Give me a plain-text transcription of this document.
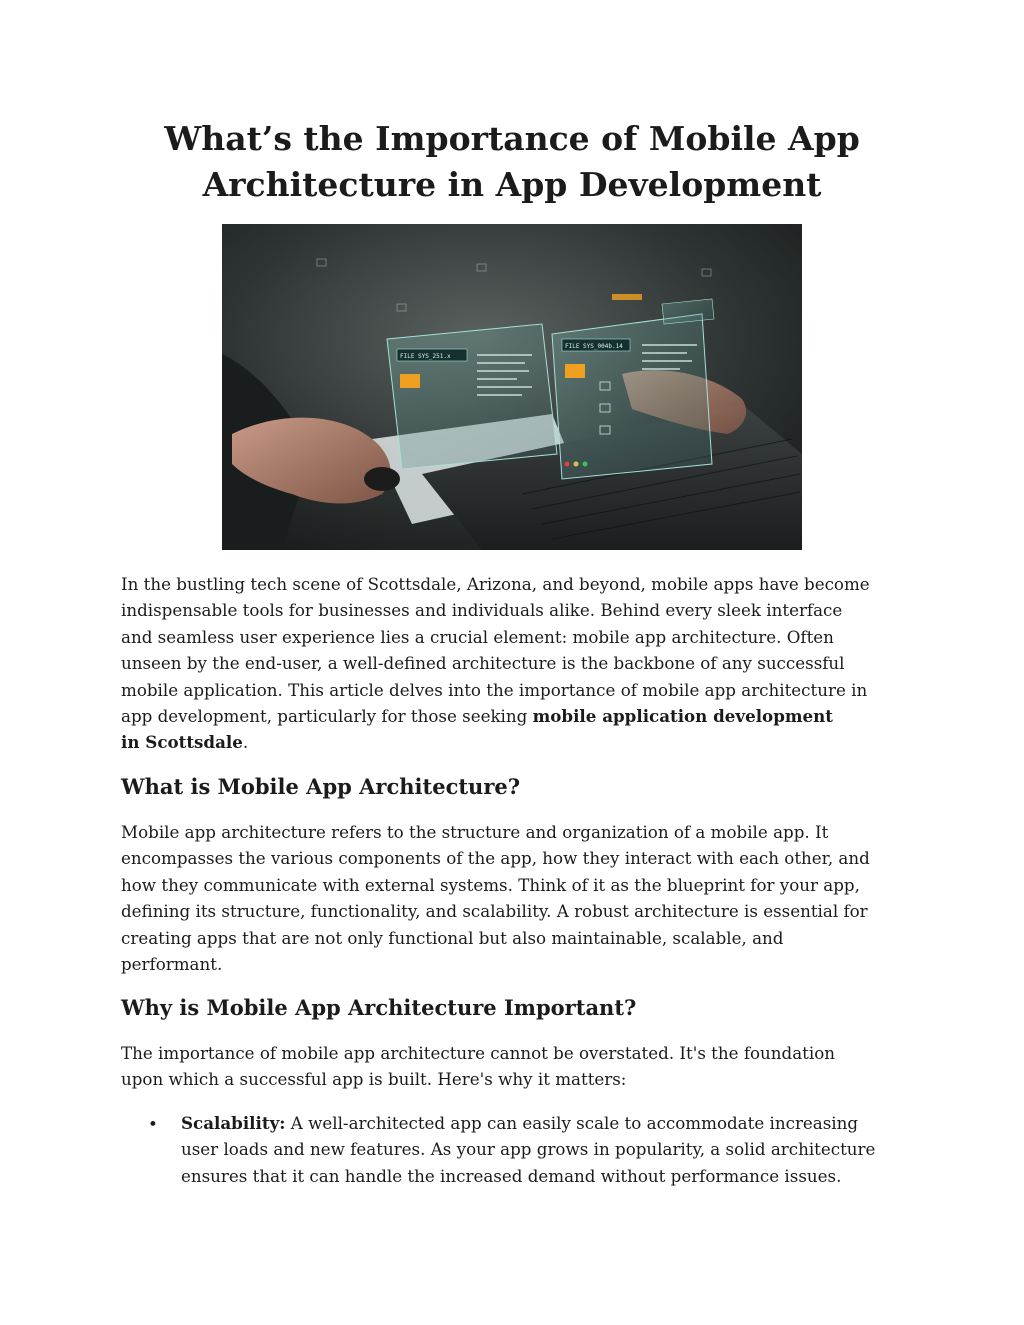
What’s the Importance of Mobile App
Architecture in App Development
FILE SYS_251.x
FILE SYS_004b.14

In the bustling tech scene of Scottsdale, Arizona, and beyond, mobile apps have become
indispensable tools for businesses and individuals alike. Behind every sleek interface
and seamless user experience lies a crucial element: mobile app architecture. Often
unseen by the end-user, a well-defined architecture is the backbone of any successful
mobile application. This article delves into the importance of mobile app architecture in
app development, particularly for those seeking mobile application development
in Scottsdale.

What is Mobile App Architecture?

Mobile app architecture refers to the structure and organization of a mobile app. It
encompasses the various components of the app, how they interact with each other, and
how they communicate with external systems. Think of it as the blueprint for your app,
defining its structure, functionality, and scalability. A robust architecture is essential for
creating apps that are not only functional but also maintainable, scalable, and
performant.

Why is Mobile App Architecture Important?

The importance of mobile app architecture cannot be overstated. It's the foundation
upon which a successful app is built. Here's why it matters:

• Scalability: A well-architected app can easily scale to accommodate increasing
user loads and new features. As your app grows in popularity, a solid architecture
ensures that it can handle the increased demand without performance issues.
